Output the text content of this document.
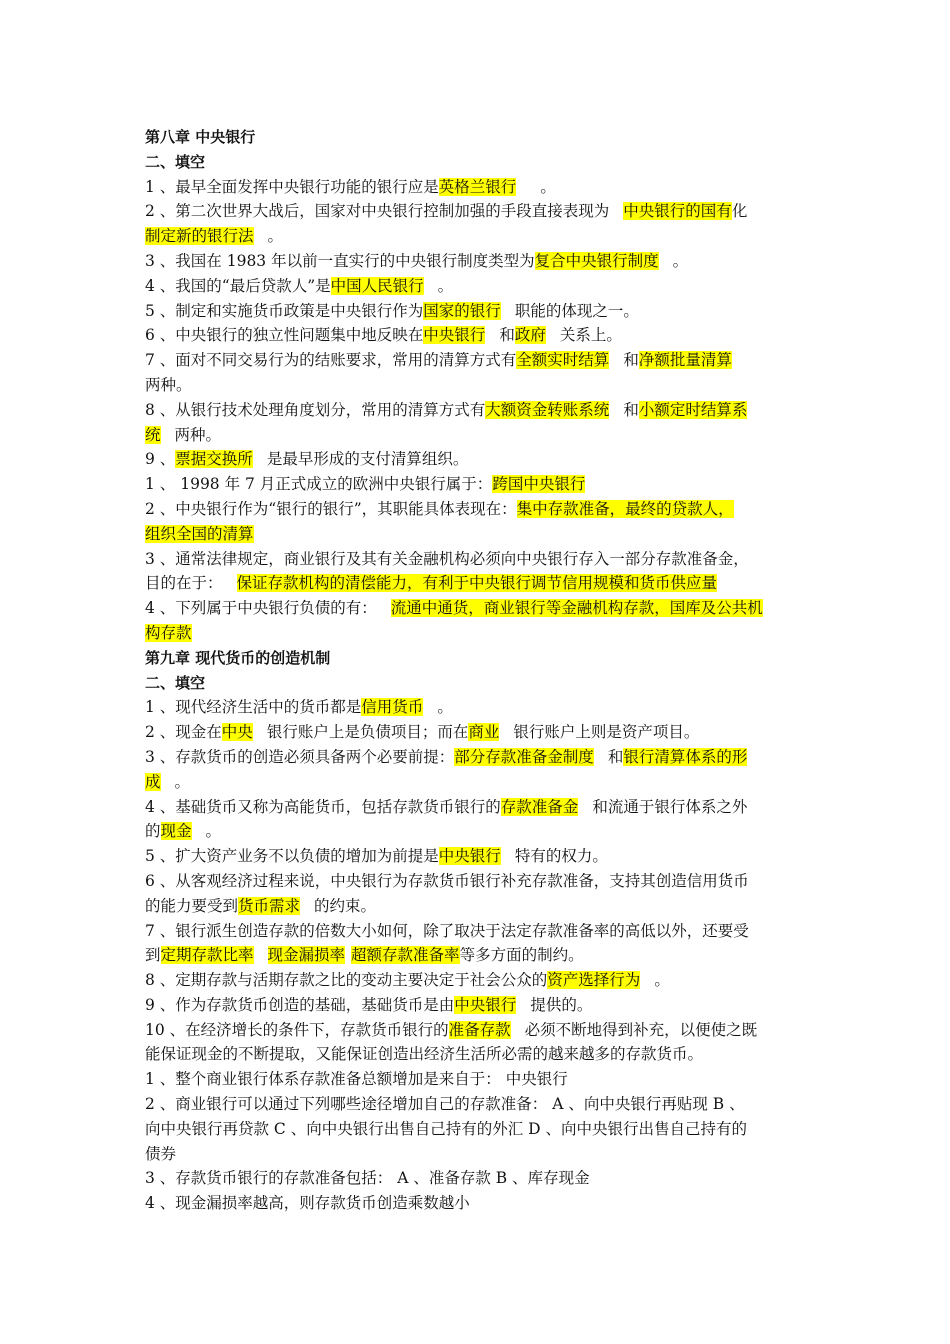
第八章 中央银行
二、填空
1 、最早全面发挥中央银行功能的银行应是英格兰银行 。
2 、第二次世界大战后，国家对中央银行控制加强的手段直接表现为 中央银行的国有化
制定新的银行法 。
3 、我国在 1983 年以前一直实行的中央银行制度类型为复合中央银行制度 。
4 、我国的“最后贷款人”是中国人民银行 。
5 、制定和实施货币政策是中央银行作为国家的银行 职能的体现之一。
6 、中央银行的独立性问题集中地反映在中央银行 和政府 关系上。
7 、面对不同交易行为的结账要求，常用的清算方式有全额实时结算 和净额批量清算
两种。
8 、从银行技术处理角度划分，常用的清算方式有大额资金转账系统 和小额定时结算系
统 两种。
9 、票据交换所 是最早形成的支付清算组织。
1 、 1998 年 7 月正式成立的欧洲中央银行属于：跨国中央银行
2 、中央银行作为“银行的银行”，其职能具体表现在：集中存款准备，最终的贷款人，
组织全国的清算
3 、通常法律规定，商业银行及其有关金融机构必须向中央银行存入一部分存款准备金，
目的在于： 保证存款机构的清偿能力，有利于中央银行调节信用规模和货币供应量
4 、下列属于中央银行负债的有： 流通中通货，商业银行等金融机构存款，国库及公共机
构存款
第九章 现代货币的创造机制
二、填空
1 、现代经济生活中的货币都是信用货币 。
2 、现金在中央 银行账户上是负债项目；而在商业 银行账户上则是资产项目。
3 、存款货币的创造必须具备两个必要前提：部分存款准备金制度 和银行清算体系的形
成 。
4 、基础货币又称为高能货币，包括存款货币银行的存款准备金 和流通于银行体系之外
的现金 。
5 、扩大资产业务不以负债的增加为前提是中央银行 特有的权力。
6 、从客观经济过程来说，中央银行为存款货币银行补充存款准备，支持其创造信用货币
的能力要受到货币需求 的约束。
7 、银行派生创造存款的倍数大小如何，除了取决于法定存款准备率的高低以外，还要受
到定期存款比率 现金漏损率 超额存款准备率等多方面的制约。
8 、定期存款与活期存款之比的变动主要决定于社会公众的资产选择行为 。
9 、作为存款货币创造的基础，基础货币是由中央银行 提供的。
10 、在经济增长的条件下，存款货币银行的准备存款 必须不断地得到补充，以便使之既
能保证现金的不断提取，又能保证创造出经济生活所必需的越来越多的存款货币。
1 、整个商业银行体系存款准备总额增加是来自于： 中央银行
2 、商业银行可以通过下列哪些途径增加自己的存款准备： A 、向中央银行再贴现 B 、
向中央银行再贷款 C 、向中央银行出售自己持有的外汇 D 、向中央银行出售自己持有的
债券
3 、存款货币银行的存款准备包括： A 、准备存款 B 、库存现金
4 、现金漏损率越高，则存款货币创造乘数越小
